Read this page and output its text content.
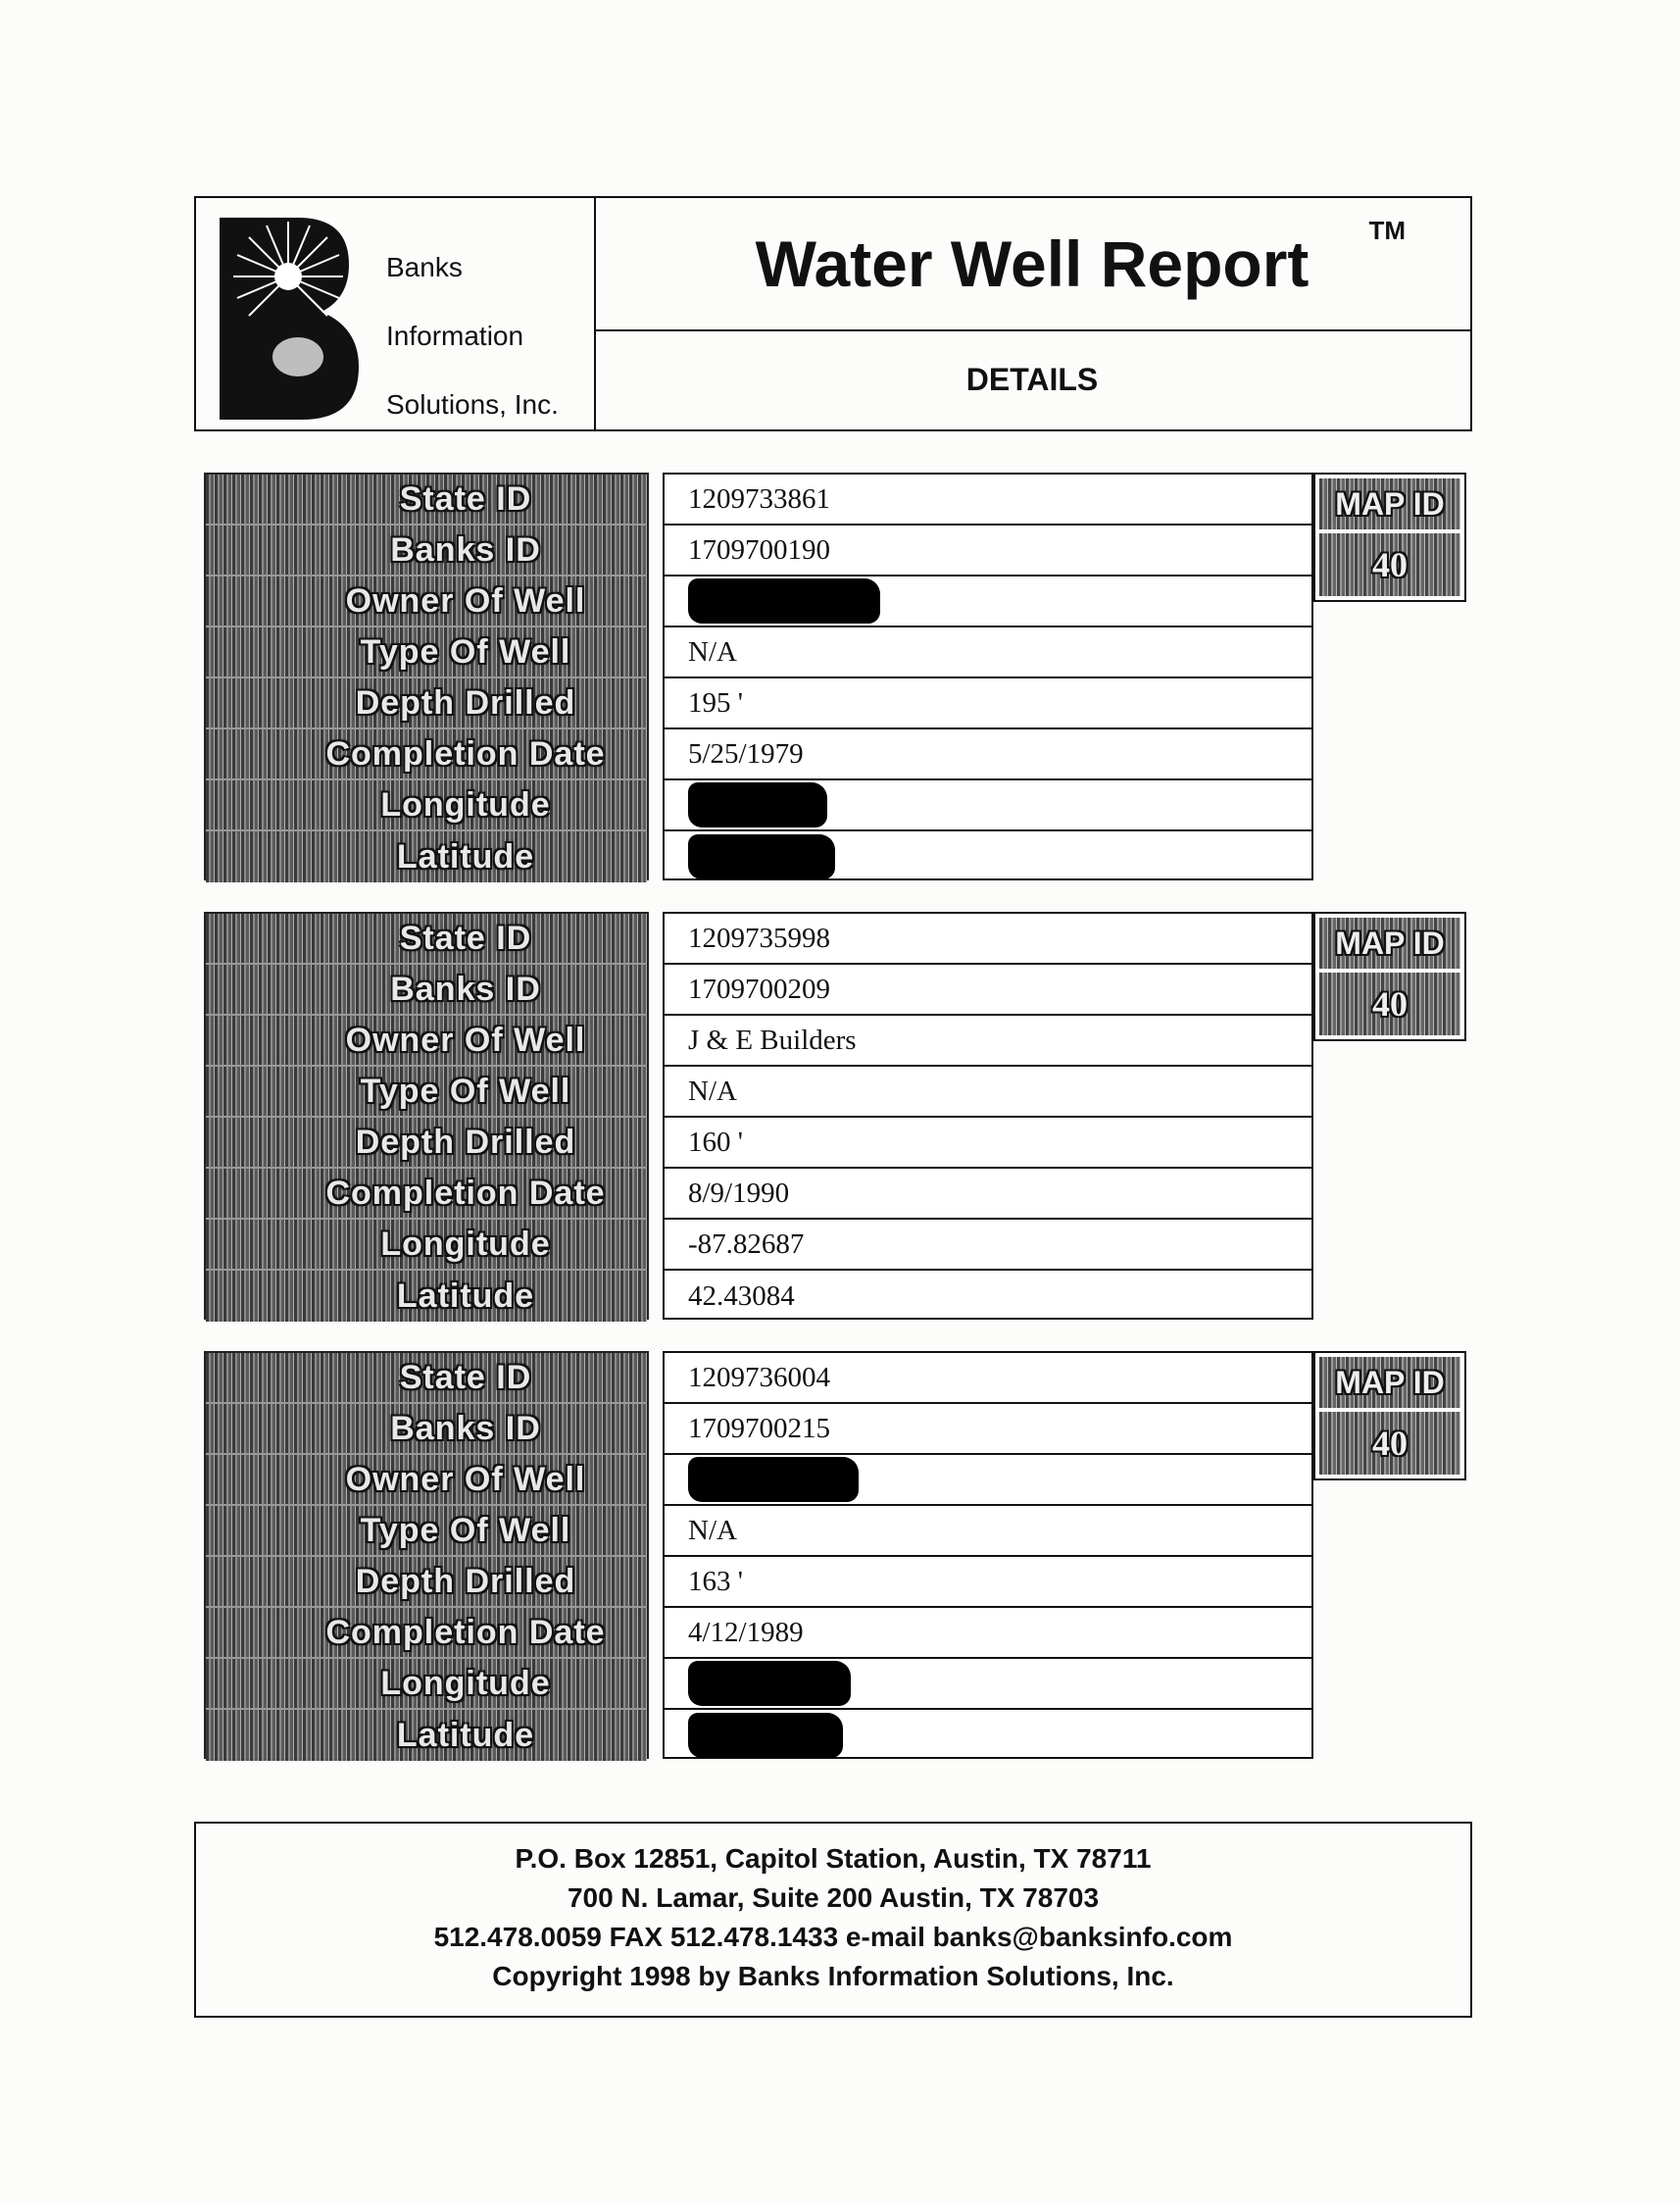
Banks
Information
Solutions, Inc.
Water Well Report	TM
DETAILS
State ID
Banks ID
Owner Of Well
Type Of Well
Depth Drilled
Completion Date
Longitude
Latitude
1209733861
1709700190
N/A
195 '
5/25/1979
MAP ID
40
State ID
Banks ID
Owner Of Well
Type Of Well
Depth Drilled
Completion Date
Longitude
Latitude
1209735998
1709700209
J & E Builders
N/A
160 '
8/9/1990
-87.82687
42.43084
MAP ID
40
State ID
Banks ID
Owner Of Well
Type Of Well
Depth Drilled
Completion Date
Longitude
Latitude
1209736004
1709700215
N/A
163 '
4/12/1989
MAP ID
40
P.O. Box 12851, Capitol Station, Austin, TX 78711
700 N. Lamar, Suite 200 Austin, TX 78703
512.478.0059 FAX 512.478.1433 e-mail banks@banksinfo.com
Copyright 1998 by Banks Information Solutions, Inc.
